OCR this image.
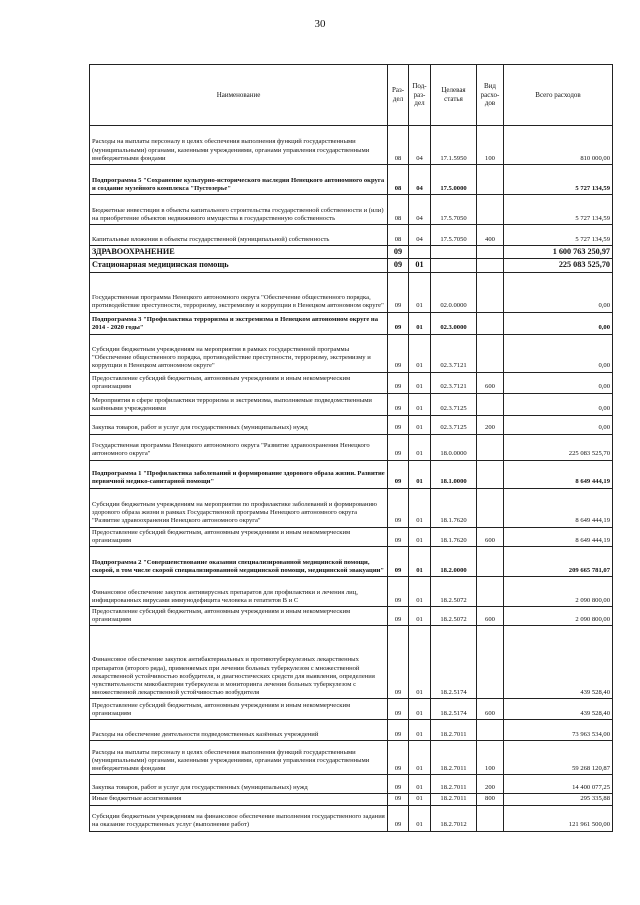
30
Наименование	Раз-дел	Под-раз-дел	Целевая статья	Вид расхо-дов	Всего расходов
Расходы на выплаты персоналу в целях обеспечения выполнения функций государственными (муниципальными) органами, казенными учреждениями, органами управления государственными внебюджетными фондами	08	04	17.1.5950	100	810 000,00
Подпрограмма 5 "Сохранение культурно-исторического наследия Ненецкого автономного округа и создание музейного комплекса "Пустозерье"	08	04	17.5.0000		5 727 134,59
Бюджетные инвестиции в объекты капитального строительства государственной собственности и (или) на приобретение объектов недвижимого имущества в государственную собственность	08	04	17.5.7050		5 727 134,59
Капитальные вложения в объекты государственной (муниципальной) собственность	08	04	17.5.7050	400	5 727 134,59
ЗДРАВООХРАНЕНИЕ	09				1 600 763 250,97
Стационарная медицинская помощь	09	01			225 083 525,70
Государственная программа Ненецкого автономного округа "Обеспечение общественного порядка, противодействие преступности, терроризму, экстремизму и коррупции в Ненецком автономном округе"	09	01	02.0.0000		0,00
Подпрограмма 3 "Профилактика терроризма и экстремизма в Ненецком автономном округе на 2014 - 2020 годы"	09	01	02.3.0000		0,00
Субсидии бюджетным учреждениям на мероприятия в рамках государственной программы "Обеспечение общественного порядка, противодействие преступности, терроризму, экстремизму и коррупции в Ненецком автономном округе"	09	01	02.3.7121		0,00
Предоставление субсидий бюджетным, автономным учреждениям и иным некоммерческим организациям	09	01	02.3.7121	600	0,00
Мероприятия в сфере профилактики терроризма и экстремизма, выполняемые подведомственными казёнными учреждениями	09	01	02.3.7125		0,00
Закупка товаров, работ и услуг для государственных (муниципальных) нужд	09	01	02.3.7125	200	0,00
Государственная программа Ненецкого автономного округа "Развитие здравоохранения Ненецкого автономного округа"	09	01	18.0.0000		225 083 525,70
Подпрограмма 1 "Профилактика заболеваний и формирование здорового образа жизни. Развитие первичной медико-санитарной помощи"	09	01	18.1.0000		8 649 444,19
Субсидии бюджетным учреждениям на мероприятия по профилактике заболеваний и формированию здорового образа жизни в рамках Государственной программы Ненецкого автономного округа "Развитие здравоохранения Ненецкого автономного округа"	09	01	18.1.7620		8 649 444,19
Предоставление субсидий бюджетным, автономным учреждениям и иным некоммерческим организациям	09	01	18.1.7620	600	8 649 444,19
Подпрограмма 2 "Совершенствование оказания специализированной медицинской помощи, скорой, в том числе скорой специализированной медицинской помощи, медицинской эвакуации"	09	01	18.2.0000		209 665 781,07
Финансовое обеспечение закупок антивирусных препаратов для профилактики и лечения лиц, инфицированных вирусами иммунодефицита человека и гепатитов В и С	09	01	18.2.5072		2 090 800,00
Предоставление субсидий бюджетным, автономным учреждениям и иным некоммерческим организациям	09	01	18.2.5072	600	2 090 800,00
Финансовое обеспечение закупок антибактериальных и противотуберкулезных лекарственных препаратов (второго ряда), применяемых при лечении больных туберкулезом с множественной лекарственной устойчивостью возбудителя, и диагностических средств для выявления, определения чувствительности микобактерии туберкулеза и мониторинга лечения больных туберкулезом с множественной лекарственной устойчивостью возбудителя	09	01	18.2.5174		439 528,40
Предоставление субсидий бюджетным, автономным учреждениям и иным некоммерческим организациям	09	01	18.2.5174	600	439 528,40
Расходы на обеспечение деятельности подведомственных казённых учреждений	09	01	18.2.7011		73 963 534,00
Расходы на выплаты персоналу в целях обеспечения выполнения функций государственными (муниципальными) органами, казенными учреждениями, органами управления государственными внебюджетными фондами	09	01	18.2.7011	100	59 268 120,87
Закупка товаров, работ и услуг для государственных (муниципальных) нужд	09	01	18.2.7011	200	14 400 077,25
Иные бюджетные ассигнования	09	01	18.2.7011	800	295 335,88
Субсидии бюджетным учреждениям на финансовое обеспечение выполнения государственного задания на оказание государственных услуг (выполнение работ)	09	01	18.2.7012		121 961 500,00
